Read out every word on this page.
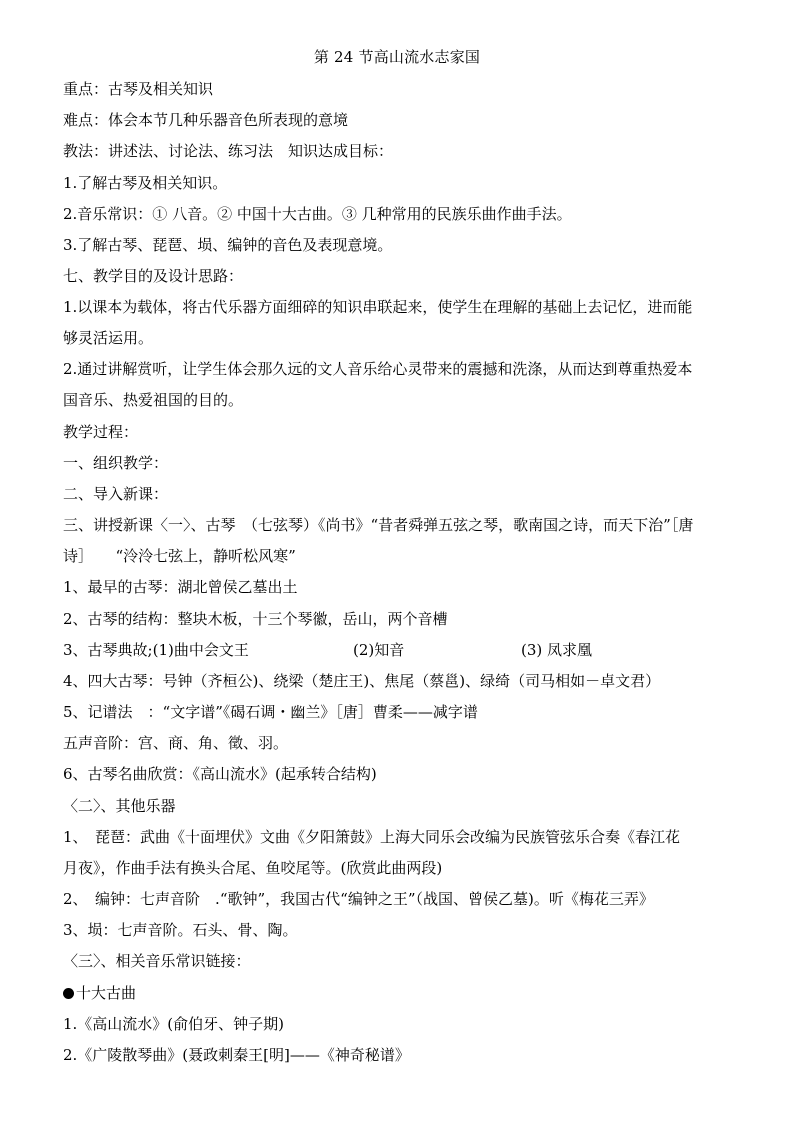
第 24 节高山流水志家国
重点：古琴及相关知识
难点：体会本节几种乐器音色所表现的意境
教法：讲述法、讨论法、练习法　知识达成目标：
1.了解古琴及相关知识。
2.音乐常识：① 八音。② 中国十大古曲。③ 几种常用的民族乐曲作曲手法。
3.了解古琴、琵琶、埙、编钟的音色及表现意境。
七、教学目的及设计思路：
1.以课本为载体，将古代乐器方面细碎的知识串联起来，使学生在理解的基础上去记忆，进而能
够灵活运用。
2.通过讲解赏听，让学生体会那久远的文人音乐给心灵带来的震撼和洗涤，从而达到尊重热爱本
国音乐、热爱祖国的目的。
教学过程：
一、组织教学：
二、导入新课：
三、讲授新课〈一〉、古琴　（七弦琴）《尚书》“昔者舜弹五弦之琴，歌南国之诗，而天下治”［唐
诗］　　“泠泠七弦上，静听松风寒”
1、最早的古琴：湖北曾侯乙墓出土
2、古琴的结构：整块木板，十三个琴徽，岳山，两个音槽
3、古琴典故;(1)曲中会文王	(2)知音	(3) 凤求凰
4、四大古琴：号钟（齐桓公)、绕梁（楚庄王)、焦尾（蔡邕)、绿绮（司马相如－卓文君）
5、记谱法　：“文字谱”《碣石调・幽兰》［唐］曹柔——减字谱
五声音阶：宫、商、角、徵、羽。
6、古琴名曲欣赏：《高山流水》(起承转合结构)
〈二〉、其他乐器
1、　琵琶：武曲《十面埋伏》文曲《夕阳箫鼓》上海大同乐会改编为民族管弦乐合奏《春江花
月夜》，作曲手法有换头合尾、鱼咬尾等。(欣赏此曲两段)
2、　编钟：七声音阶　.“歌钟”，我国古代“编钟之王”（战国、曾侯乙墓)。听《梅花三弄》
3、埙：七声音阶。石头、骨、陶。
〈三〉、相关音乐常识链接：
十大古曲
1.《高山流水》(俞伯牙、钟子期)
2.《广陵散琴曲》(聂政刺秦王[明]——《神奇秘谱》
